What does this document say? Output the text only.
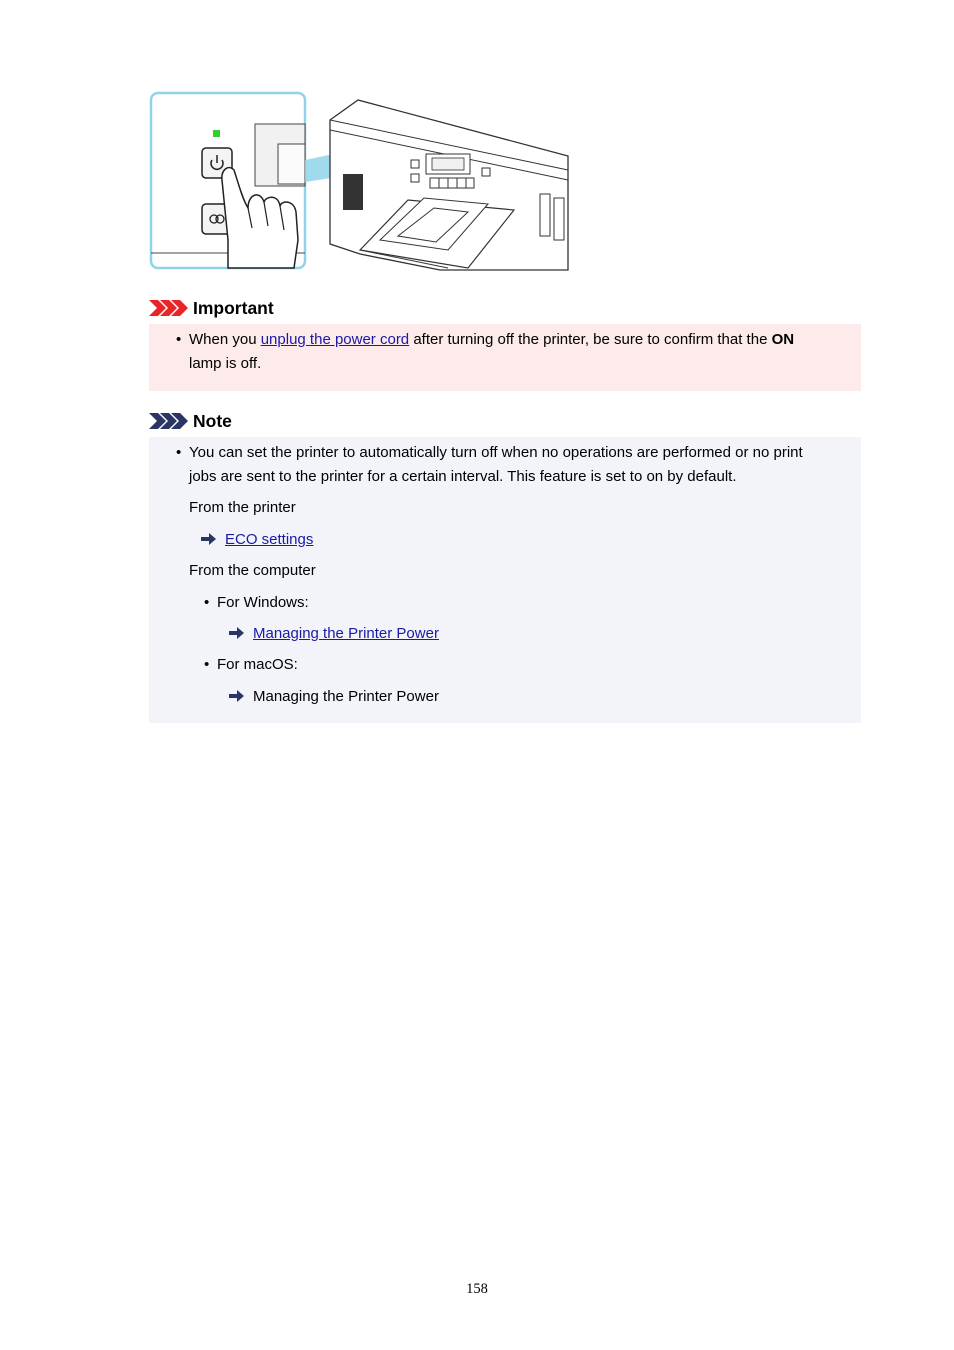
Important
• When you unplug the power cord after turning off the printer, be sure to confirm that the ON
lamp is off.
Note
• You can set the printer to automatically turn off when no operations are performed or no print
jobs are sent to the printer for a certain interval. This feature is set to on by default.
From the printer
ECO settings
From the computer
• For Windows:
Managing the Printer Power
• For macOS:
Managing the Printer Power
158
